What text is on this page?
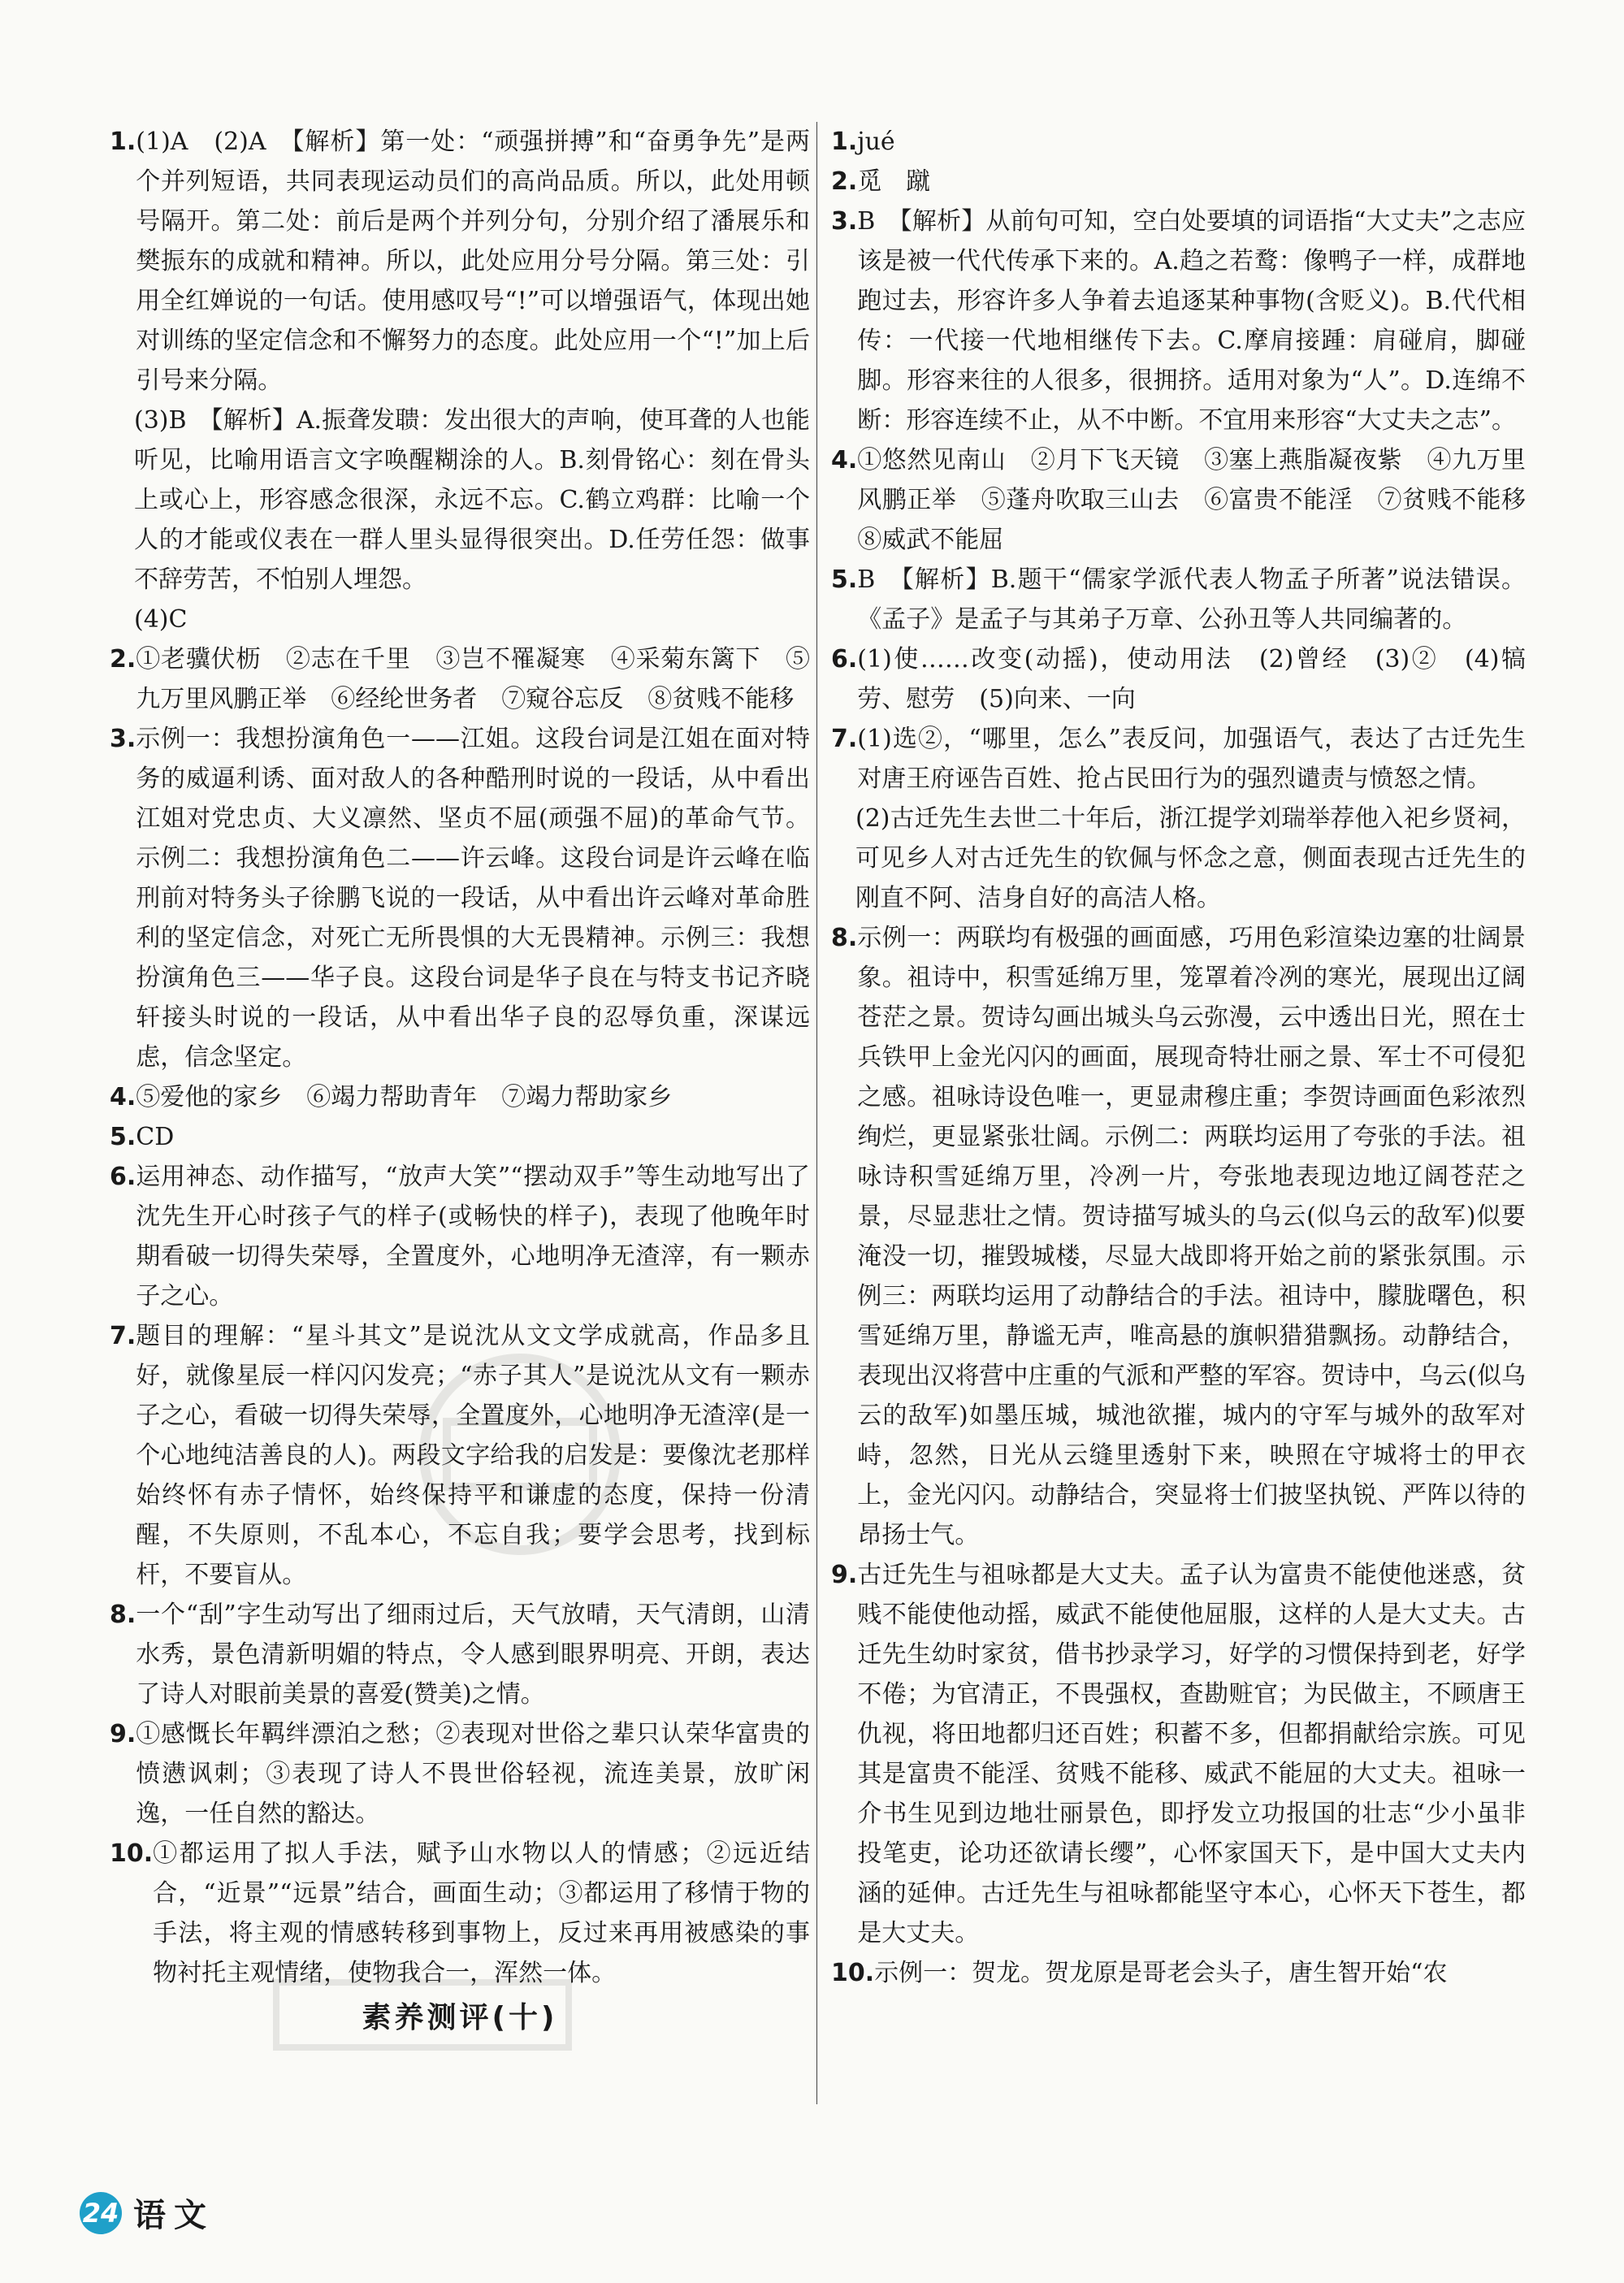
1. (1)A　(2)A　【解析】第一处：“顽强拼搏”和“奋勇争先”是两个并列短语，共同表现运动员们的高尚品质。所以，此处用顿号隔开。第二处：前后是两个并列分句，分别介绍了潘展乐和樊振东的成就和精神。所以，此处应用分号分隔。第三处：引用全红婵说的一句话。使用感叹号“!”可以增强语气，体现出她对训练的坚定信念和不懈努力的态度。此处应用一个“!”加上后引号来分隔。
(3)B　【解析】A.振聋发聩：发出很大的声响，使耳聋的人也能听见，比喻用语言文字唤醒糊涂的人。B.刻骨铭心：刻在骨头上或心上，形容感念很深，永远不忘。C.鹤立鸡群：比喻一个人的才能或仪表在一群人里头显得很突出。D.任劳任怨：做事不辞劳苦，不怕别人埋怨。
(4)C
2. ①老骥伏枥　②志在千里　③岂不罹凝寒　④采菊东篱下　⑤九万里风鹏正举　⑥经纶世务者　⑦窥谷忘反　⑧贫贱不能移
3. 示例一：我想扮演角色一——江姐。这段台词是江姐在面对特务的威逼利诱、面对敌人的各种酷刑时说的一段话，从中看出江姐对党忠贞、大义凛然、坚贞不屈(顽强不屈)的革命气节。示例二：我想扮演角色二——许云峰。这段台词是许云峰在临刑前对特务头子徐鹏飞说的一段话，从中看出许云峰对革命胜利的坚定信念，对死亡无所畏惧的大无畏精神。示例三：我想扮演角色三——华子良。这段台词是华子良在与特支书记齐晓轩接头时说的一段话，从中看出华子良的忍辱负重，深谋远虑，信念坚定。
4. ⑤爱他的家乡　⑥竭力帮助青年　⑦竭力帮助家乡
5. CD
6. 运用神态、动作描写，“放声大笑”“摆动双手”等生动地写出了沈先生开心时孩子气的样子(或畅快的样子)，表现了他晚年时期看破一切得失荣辱，全置度外，心地明净无渣滓，有一颗赤子之心。
7. 题目的理解：“星斗其文”是说沈从文文学成就高，作品多且好，就像星辰一样闪闪发亮；“赤子其人”是说沈从文有一颗赤子之心，看破一切得失荣辱，全置度外，心地明净无渣滓(是一个心地纯洁善良的人)。两段文字给我的启发是：要像沈老那样始终怀有赤子情怀，始终保持平和谦虚的态度，保持一份清醒，不失原则，不乱本心，不忘自我；要学会思考，找到标杆，不要盲从。
8. 一个“刮”字生动写出了细雨过后，天气放晴，天气清朗，山清水秀，景色清新明媚的特点，令人感到眼界明亮、开朗，表达了诗人对眼前美景的喜爱(赞美)之情。
9. ①感慨长年羁绊漂泊之愁；②表现对世俗之辈只认荣华富贵的愤懑讽刺；③表现了诗人不畏世俗轻视，流连美景，放旷闲逸，一任自然的豁达。
10. ①都运用了拟人手法，赋予山水物以人的情感；②远近结合，“近景”“远景”结合，画面生动；③都运用了移情于物的手法，将主观的情感转移到事物上，反过来再用被感染的事物衬托主观情绪，使物我合一，浑然一体。
素养测评(十)
1. jué
2. 觅　蹴
3. B　【解析】从前句可知，空白处要填的词语指“大丈夫”之志应该是被一代代传承下来的。A.趋之若鹜：像鸭子一样，成群地跑过去，形容许多人争着去追逐某种事物(含贬义)。B.代代相传：一代接一代地相继传下去。C.摩肩接踵：肩碰肩，脚碰脚。形容来往的人很多，很拥挤。适用对象为“人”。D.连绵不断：形容连续不止，从不中断。不宜用来形容“大丈夫之志”。
4. ①悠然见南山　②月下飞天镜　③塞上燕脂凝夜紫　④九万里风鹏正举　⑤蓬舟吹取三山去　⑥富贵不能淫　⑦贫贱不能移　⑧威武不能屈
5. B　【解析】B.题干“儒家学派代表人物孟子所著”说法错误。《孟子》是孟子与其弟子万章、公孙丑等人共同编著的。
6. (1)使……改变(动摇)，使动用法　(2)曾经　(3)②　(4)犒劳、慰劳　(5)向来、一向
7. (1)选②，“哪里，怎么”表反问，加强语气，表达了古迁先生对唐王府诬告百姓、抢占民田行为的强烈谴责与愤怒之情。
(2)古迁先生去世二十年后，浙江提学刘瑞举荐他入祀乡贤祠，可见乡人对古迁先生的钦佩与怀念之意，侧面表现古迁先生的刚直不阿、洁身自好的高洁人格。
8. 示例一：两联均有极强的画面感，巧用色彩渲染边塞的壮阔景象。祖诗中，积雪延绵万里，笼罩着冷冽的寒光，展现出辽阔苍茫之景。贺诗勾画出城头乌云弥漫，云中透出日光，照在士兵铁甲上金光闪闪的画面，展现奇特壮丽之景、军士不可侵犯之感。祖咏诗设色唯一，更显肃穆庄重；李贺诗画面色彩浓烈绚烂，更显紧张壮阔。示例二：两联均运用了夸张的手法。祖咏诗积雪延绵万里，冷冽一片，夸张地表现边地辽阔苍茫之景，尽显悲壮之情。贺诗描写城头的乌云(似乌云的敌军)似要淹没一切，摧毁城楼，尽显大战即将开始之前的紧张氛围。示例三：两联均运用了动静结合的手法。祖诗中，朦胧曙色，积雪延绵万里，静谧无声，唯高悬的旗帜猎猎飘扬。动静结合，表现出汉将营中庄重的气派和严整的军容。贺诗中，乌云(似乌云的敌军)如墨压城，城池欲摧，城内的守军与城外的敌军对峙，忽然，日光从云缝里透射下来，映照在守城将士的甲衣上，金光闪闪。动静结合，突显将士们披坚执锐、严阵以待的昂扬士气。
9. 古迁先生与祖咏都是大丈夫。孟子认为富贵不能使他迷惑，贫贱不能使他动摇，威武不能使他屈服，这样的人是大丈夫。古迁先生幼时家贫，借书抄录学习，好学的习惯保持到老，好学不倦；为官清正，不畏强权，查勘赃官；为民做主，不顾唐王仇视，将田地都归还百姓；积蓄不多，但都捐献给宗族。可见其是富贵不能淫、贫贱不能移、威武不能屈的大丈夫。祖咏一介书生见到边地壮丽景色，即抒发立功报国的壮志“少小虽非投笔吏，论功还欲请长缨”，心怀家国天下，是中国大丈夫内涵的延伸。古迁先生与祖咏都能坚守本心，心怀天下苍生，都是大丈夫。
10. 示例一：贺龙。贺龙原是哥老会头子，唐生智开始“农
24 语文
